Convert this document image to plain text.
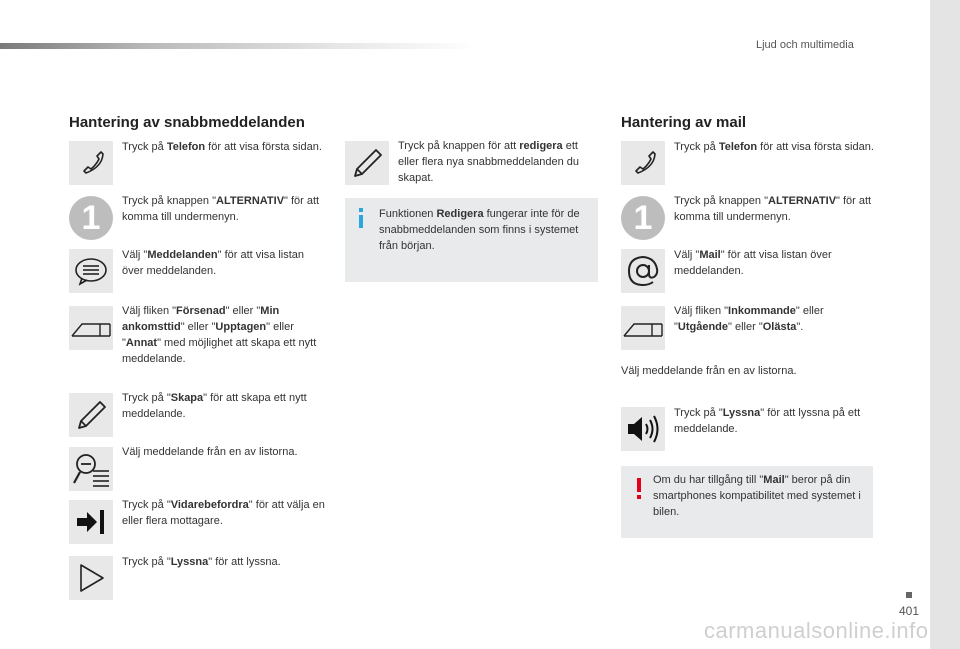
Ljud och multimedia
401
Hantering av snabbmeddelanden
Tryck på Telefon för att visa första sidan.
1	Tryck på knappen "ALTERNATIV" för att komma till undermenyn.
Välj "Meddelanden" för att visa listan över meddelanden.
Välj fliken "Försenad" eller "Min ankomsttid" eller "Upptagen" eller "Annat" med möjlighet att skapa ett nytt meddelande.
Tryck på "Skapa" för att skapa ett nytt meddelande.
Välj meddelande från en av listorna.
Tryck på "Vidarebefordra" för att välja en eller flera mottagare.
Tryck på "Lyssna" för att lyssna.
Tryck på knappen för att redigera ett eller flera nya snabbmeddelanden du skapat.
Funktionen Redigera fungerar inte för de snabbmeddelanden som finns i systemet från början.
Hantering av mail
Tryck på Telefon för att visa första sidan.
1	Tryck på knappen "ALTERNATIV" för att komma till undermenyn.
Välj "Mail" för att visa listan över meddelanden.
Välj fliken "Inkommande" eller "Utgående" eller "Olästa".
Välj meddelande från en av listorna.
Tryck på "Lyssna" för att lyssna på ett meddelande.
Om du har tillgång till "Mail" beror på din smartphones kompatibilitet med systemet i bilen.
carmanualsonline.info
